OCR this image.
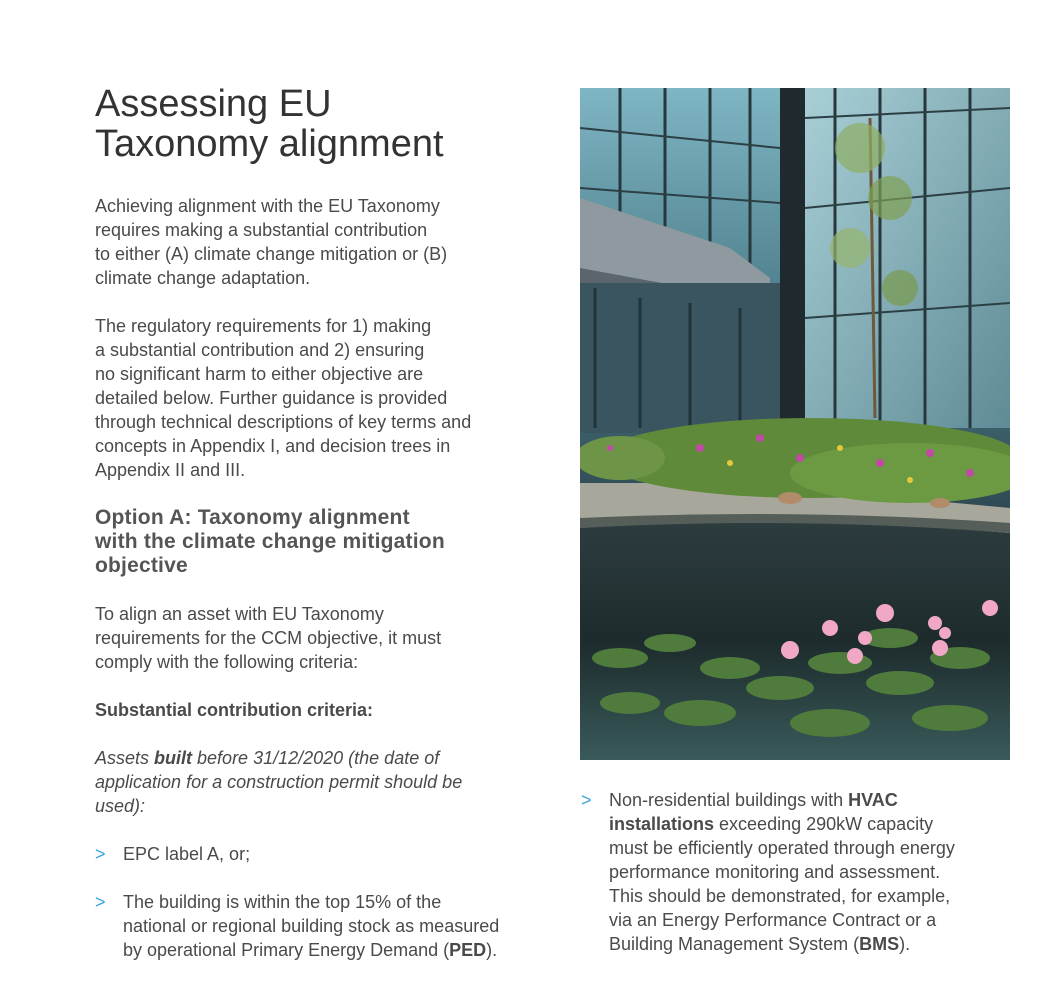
Assessing EU
Taxonomy alignment

Achieving alignment with the EU Taxonomy
requires making a substantial contribution
to either (A) climate change mitigation or (B)
climate change adaptation.

The regulatory requirements for 1) making
a substantial contribution and 2) ensuring
no significant harm to either objective are
detailed below. Further guidance is provided
through technical descriptions of key terms and
concepts in Appendix I, and decision trees in
Appendix II and III.

Option A: Taxonomy alignment
with the climate change mitigation
objective

To align an asset with EU Taxonomy
requirements for the CCM objective, it must
comply with the following criteria:

Substantial contribution criteria:

Assets built before 31/12/2020 (the date of
application for a construction permit should be
used):

> EPC label A, or;
> The building is within the top 15% of the
national or regional building stock as measured
by operational Primary Energy Demand (PED).
> Non-residential buildings with HVAC
installations exceeding 290kW capacity
must be efficiently operated through energy
performance monitoring and assessment.
This should be demonstrated, for example,
via an Energy Performance Contract or a
Building Management System (BMS).
